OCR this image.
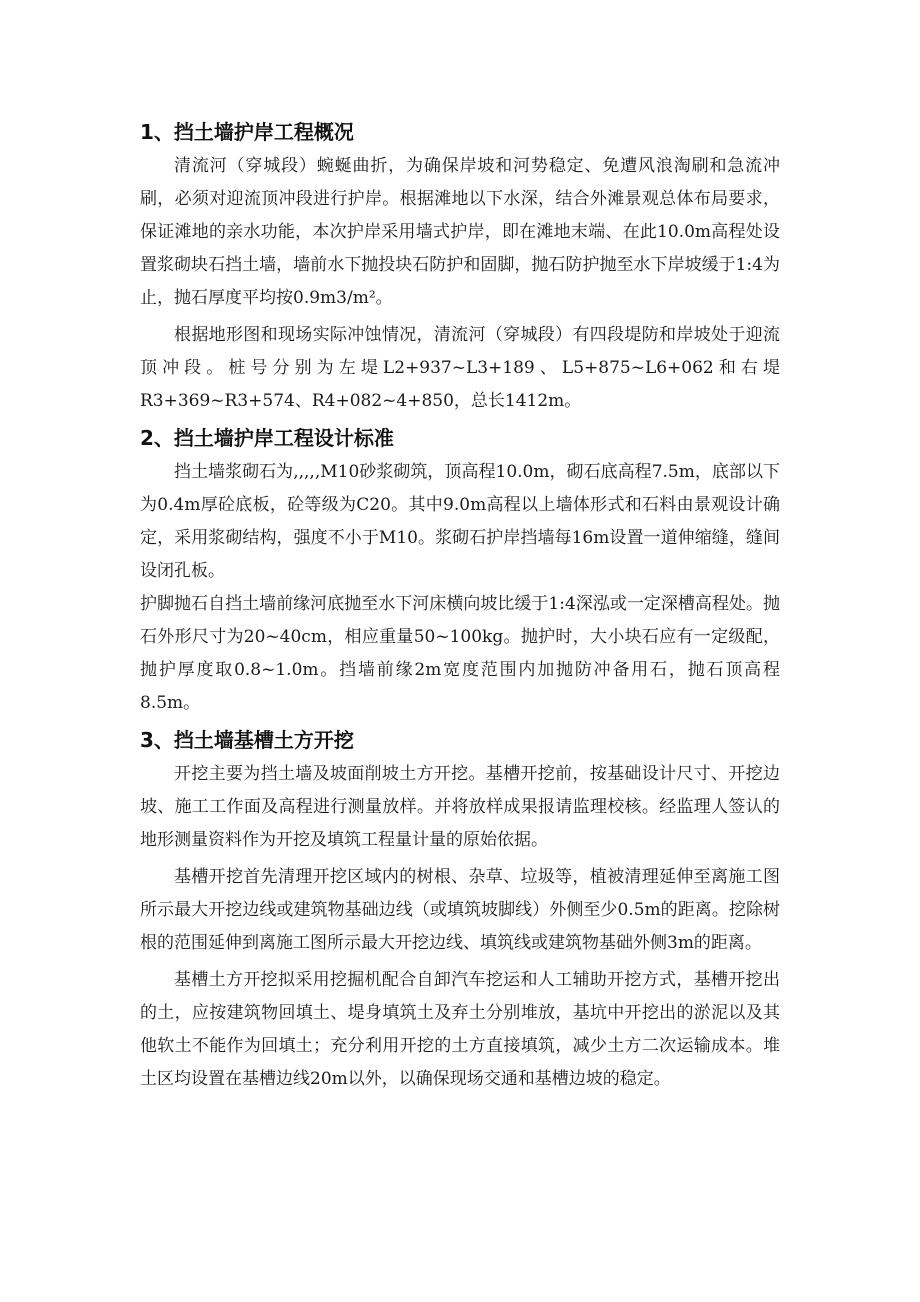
1、挡土墙护岸工程概况

清流河（穿城段）蜿蜒曲折，为确保岸坡和河势稳定、免遭风浪淘刷和急流冲刷，必须对迎流顶冲段进行护岸。根据滩地以下水深，结合外滩景观总体布局要求，保证滩地的亲水功能，本次护岸采用墙式护岸，即在滩地末端、在此10.0m高程处设置浆砌块石挡土墙，墙前水下抛投块石防护和固脚，抛石防护抛至水下岸坡缓于1:4为止，抛石厚度平均按0.9m3/m²。

根据地形图和现场实际冲蚀情况，清流河（穿城段）有四段堤防和岸坡处于迎流顶冲段。桩号分别为左堤L2+937~L3+189、L5+875~L6+062和右堤R3+369~R3+574、R4+082~4+850，总长1412m。

2、挡土墙护岸工程设计标准

挡土墙浆砌石为,,,,,M10砂浆砌筑，顶高程10.0m，砌石底高程7.5m，底部以下为0.4m厚砼底板，砼等级为C20。其中9.0m高程以上墙体形式和石料由景观设计确定，采用浆砌结构，强度不小于M10。浆砌石护岸挡墙每16m设置一道伸缩缝，缝间设闭孔板。

护脚抛石自挡土墙前缘河底抛至水下河床横向坡比缓于1:4深泓或一定深槽高程处。抛石外形尺寸为20~40cm，相应重量50~100kg。抛护时，大小块石应有一定级配，抛护厚度取0.8~1.0m。挡墙前缘2m宽度范围内加抛防冲备用石，抛石顶高程8.5m。

3、挡土墙基槽土方开挖

开挖主要为挡土墙及坡面削坡土方开挖。基槽开挖前，按基础设计尺寸、开挖边坡、施工工作面及高程进行测量放样。并将放样成果报请监理校核。经监理人签认的地形测量资料作为开挖及填筑工程量计量的原始依据。

基槽开挖首先清理开挖区域内的树根、杂草、垃圾等，植被清理延伸至离施工图所示最大开挖边线或建筑物基础边线（或填筑坡脚线）外侧至少0.5m的距离。挖除树根的范围延伸到离施工图所示最大开挖边线、填筑线或建筑物基础外侧3m的距离。

基槽土方开挖拟采用挖掘机配合自卸汽车挖运和人工辅助开挖方式，基槽开挖出的土，应按建筑物回填土、堤身填筑土及弃土分别堆放，基坑中开挖出的淤泥以及其他软土不能作为回填土；充分利用开挖的土方直接填筑，减少土方二次运输成本。堆土区均设置在基槽边线20m以外，以确保现场交通和基槽边坡的稳定。
